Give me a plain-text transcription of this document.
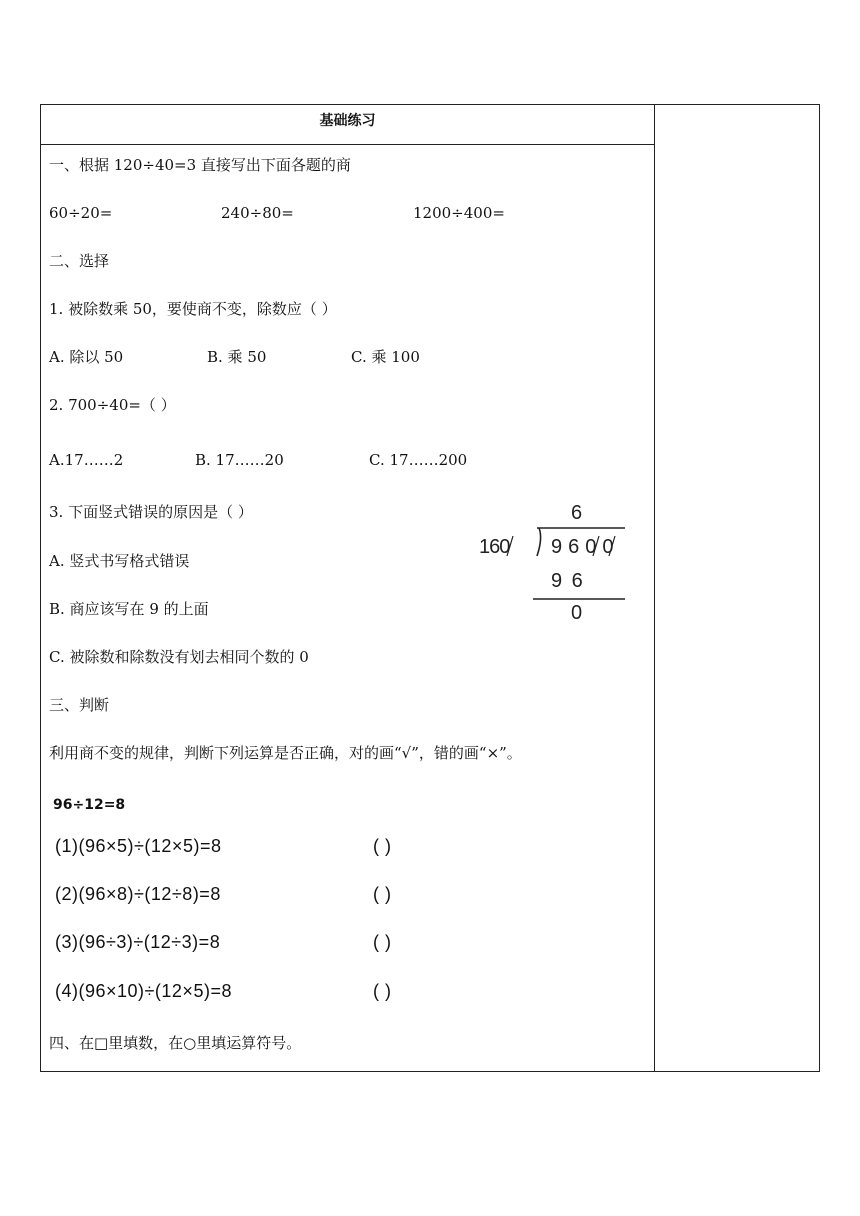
基础练习
一、根据 120÷40=3 直接写出下面各题的商
60÷20=	240÷80=	1200÷400=
二、选择
1. 被除数乘 50，要使商不变，除数应（ ）
A. 除以 50	B. 乘 50	C. 乘 100
2. 700÷40=（ ）
A.17……2	B. 17……20	C. 17……200
3. 下面竖式错误的原因是（ ）
A. 竖式书写格式错误
B. 商应该写在 9 的上面
C. 被除数和除数没有划去相同个数的 0
6
160 9600
9 6
0
三、判断
利用商不变的规律，判断下列运算是否正确，对的画“√”，错的画“×”。
96÷12=8
(1)(96×5)÷(12×5)=8	( )
(2)(96×8)÷(12÷8)=8	( )
(3)(96÷3)÷(12÷3)=8	( )
(4)(96×10)÷(12×5)=8	( )
四、在□里填数，在○里填运算符号。
